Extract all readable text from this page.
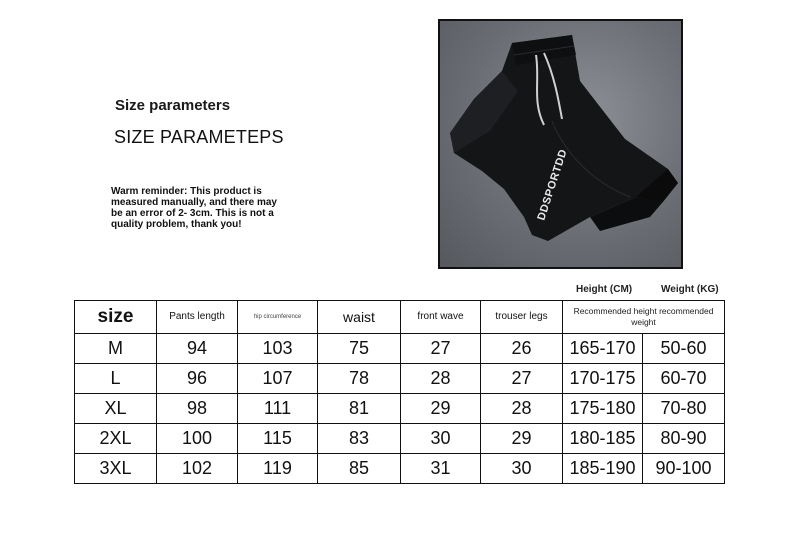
Size parameters
SIZE PARAMETEPS
Warm reminder: This product is measured manually, and there may be an error of 2- 3cm. This is not a quality problem, thank you!
DDSPORTDD
Height (CM)	Weight (KG)
size	Pants length	hip circumference	waist	front wave	trouser legs	Recommended height recommended weight	
M	94	103	75	27	26	165-170	50-60
L	96	107	78	28	27	170-175	60-70
XL	98	111	81	29	28	175-180	70-80
2XL	100	115	83	30	29	180-185	80-90
3XL	102	119	85	31	30	185-190	90-100
